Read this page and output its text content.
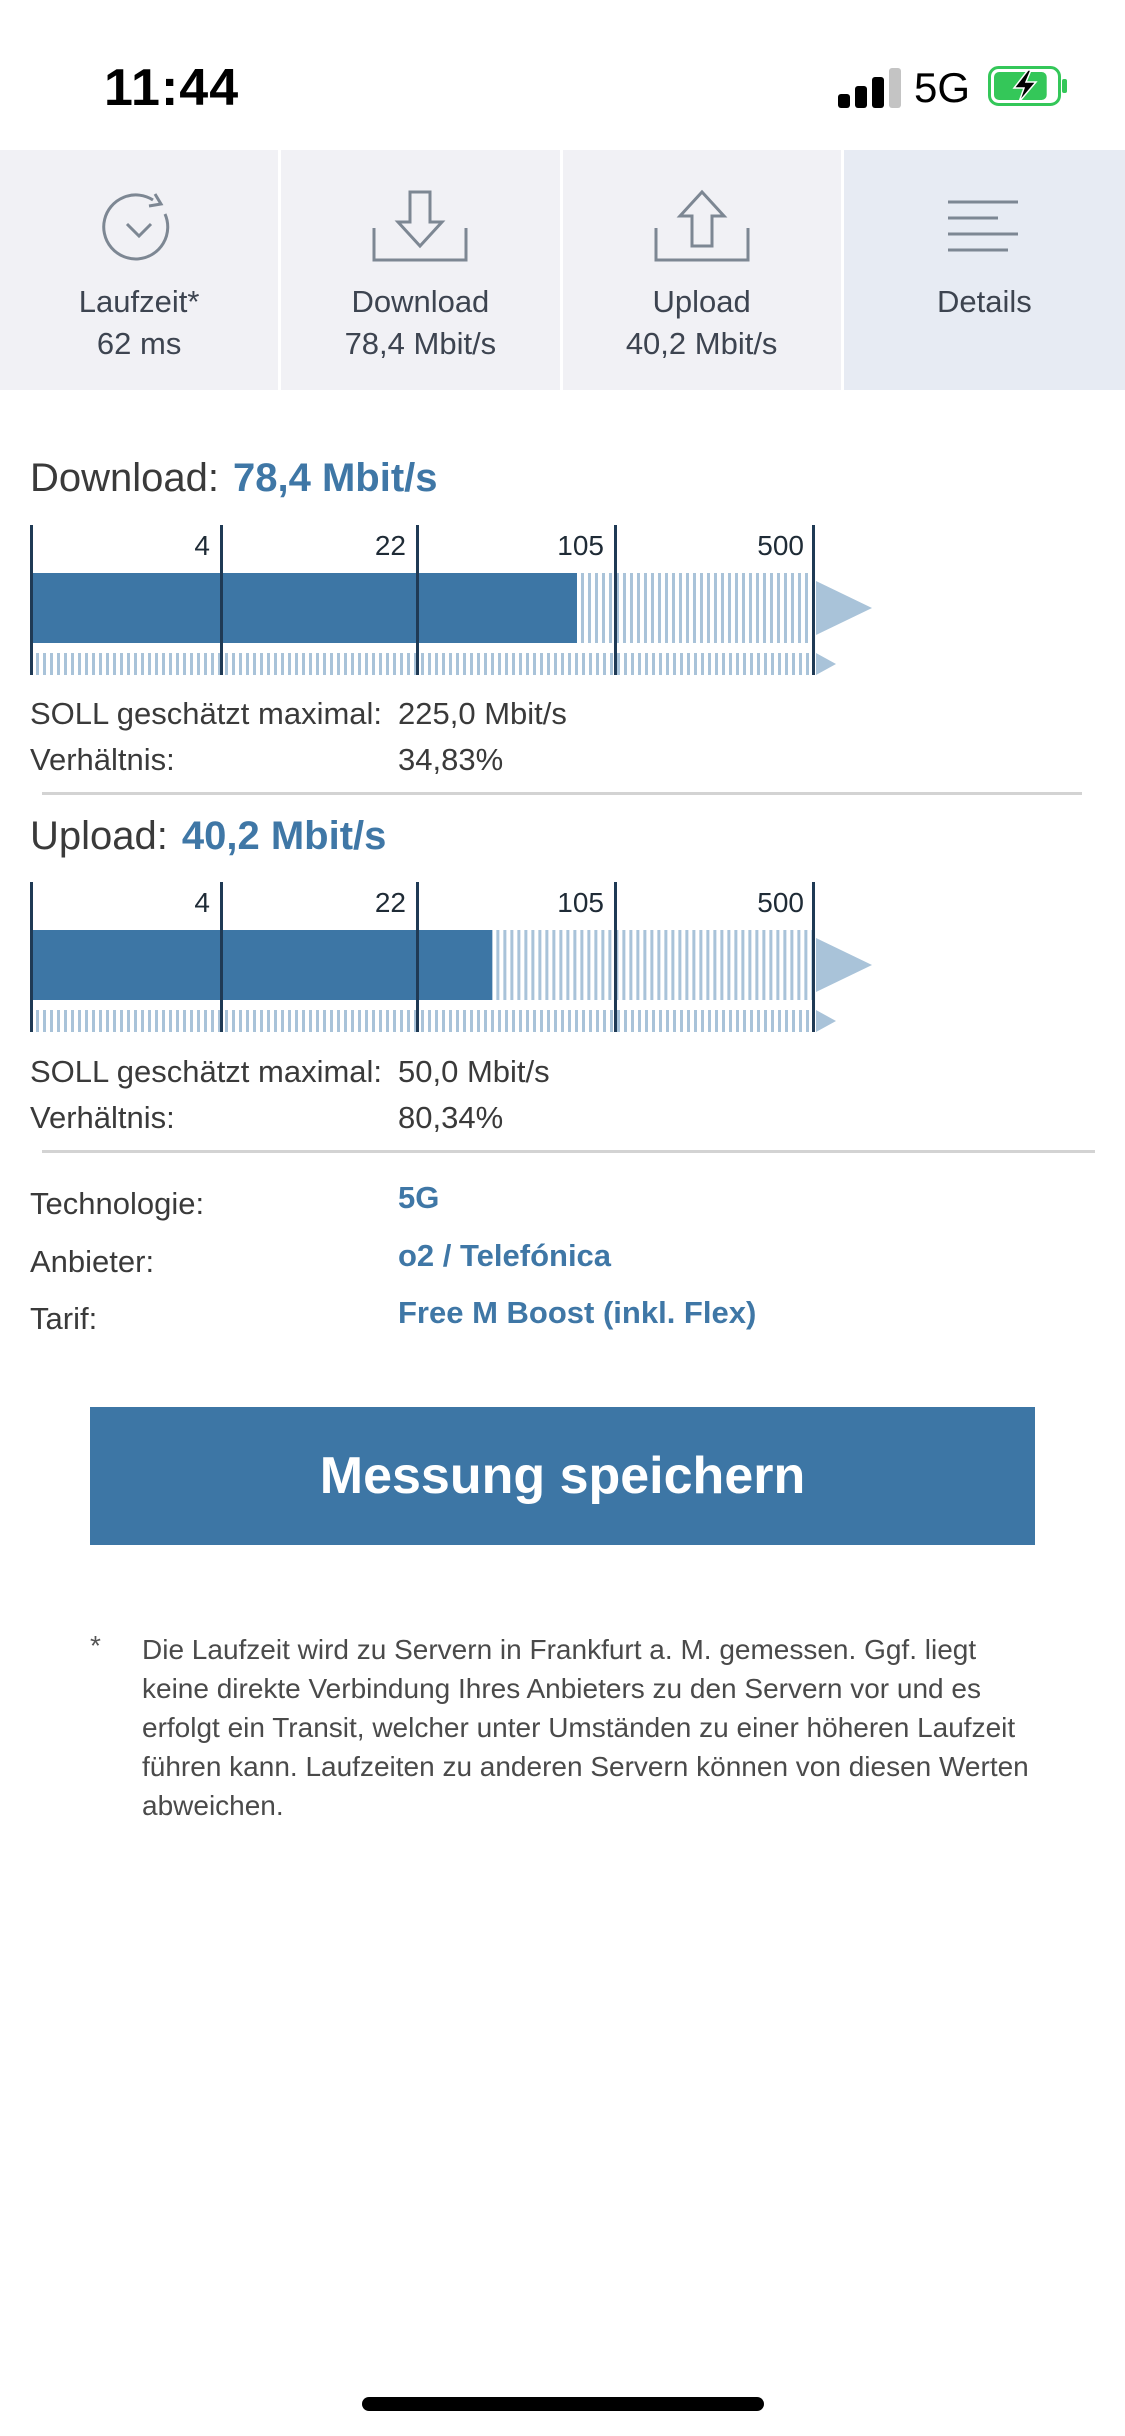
11:44	5G
Laufzeit*
62 ms
Download
78,4 Mbit/s
Upload
40,2 Mbit/s
Details
Download: 78,4 Mbit/s
4	22	105	500
SOLL geschätzt maximal: 225,0 Mbit/s
Verhältnis:	34,83%
Upload: 40,2 Mbit/s
4	22	105	500
SOLL geschätzt maximal: 50,0 Mbit/s
Verhältnis:	80,34%
Technologie:	5G
Anbieter:	o2 / Telefónica
Tarif:	Free M Boost (inkl. Flex)
Messung speichern
* Die Laufzeit wird zu Servern in Frankfurt a. M. gemessen. Ggf. liegt keine direkte Verbindung Ihres Anbieters zu den Servern vor und es erfolgt ein Transit, welcher unter Umständen zu einer höheren Laufzeit führen kann. Laufzeiten zu anderen Servern können von diesen Werten abweichen.
